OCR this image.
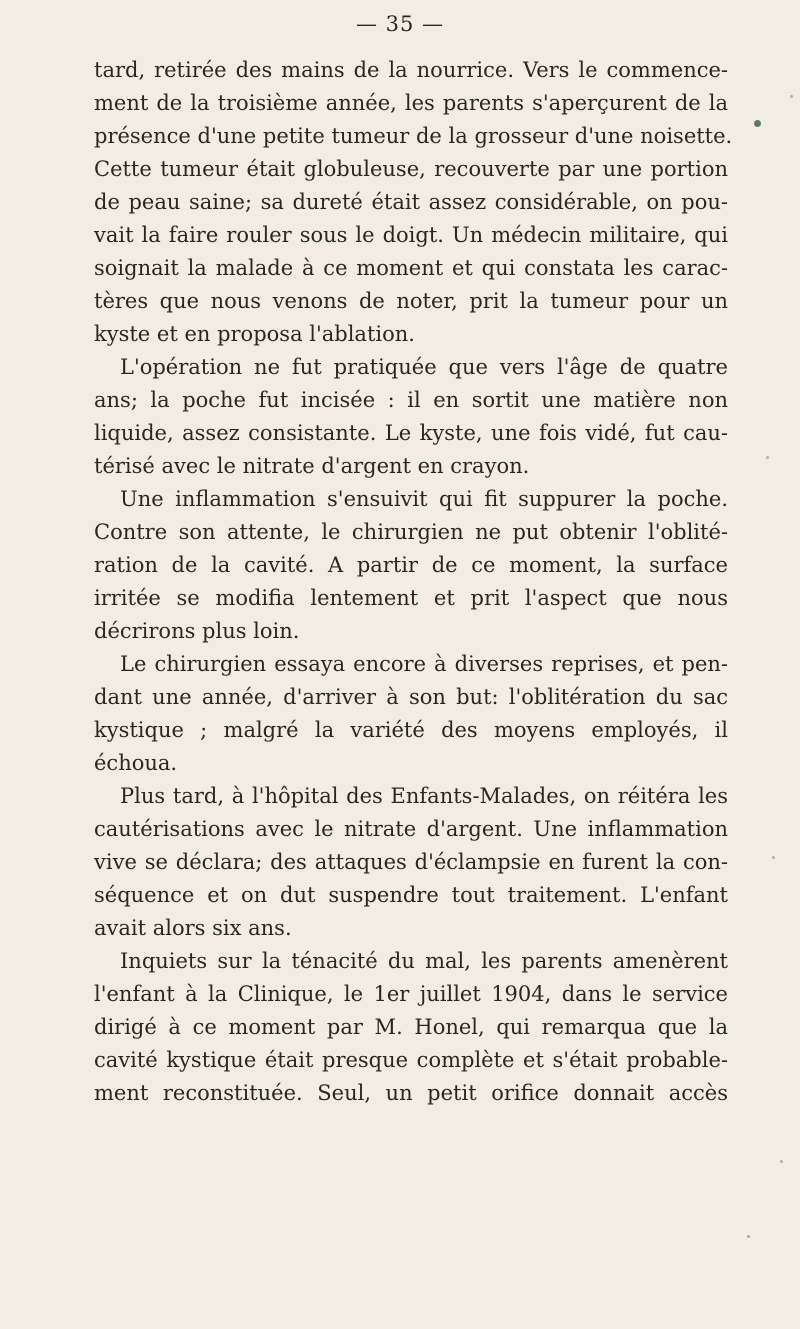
— 35 —
tard, retirée des mains de la nourrice. Vers le commence-
ment de la troisième année, les parents s'aperçurent de la
présence d'une petite tumeur de la grosseur d'une noisette.
Cette tumeur était globuleuse, recouverte par une portion
de peau saine; sa dureté était assez considérable, on pou-
vait la faire rouler sous le doigt. Un médecin militaire, qui
soignait la malade à ce moment et qui constata les carac-
tères que nous venons de noter, prit la tumeur pour un
kyste et en proposa l'ablation.
L'opération ne fut pratiquée que vers l'âge de quatre
ans; la poche fut incisée : il en sortit une matière non
liquide, assez consistante. Le kyste, une fois vidé, fut cau-
térisé avec le nitrate d'argent en crayon.
Une inflammation s'ensuivit qui fit suppurer la poche.
Contre son attente, le chirurgien ne put obtenir l'oblité-
ration de la cavité. A partir de ce moment, la surface
irritée se modifia lentement et prit l'aspect que nous
décrirons plus loin.
Le chirurgien essaya encore à diverses reprises, et pen-
dant une année, d'arriver à son but: l'oblitération du sac
kystique ; malgré la variété des moyens employés, il
échoua.
Plus tard, à l'hôpital des Enfants-Malades, on réitéra les
cautérisations avec le nitrate d'argent. Une inflammation
vive se déclara; des attaques d'éclampsie en furent la con-
séquence et on dut suspendre tout traitement. L'enfant
avait alors six ans.
Inquiets sur la ténacité du mal, les parents amenèrent
l'enfant à la Clinique, le 1er juillet 1904, dans le service
dirigé à ce moment par M. Honel, qui remarqua que la
cavité kystique était presque complète et s'était probable-
ment reconstituée. Seul, un petit orifice donnait accès
